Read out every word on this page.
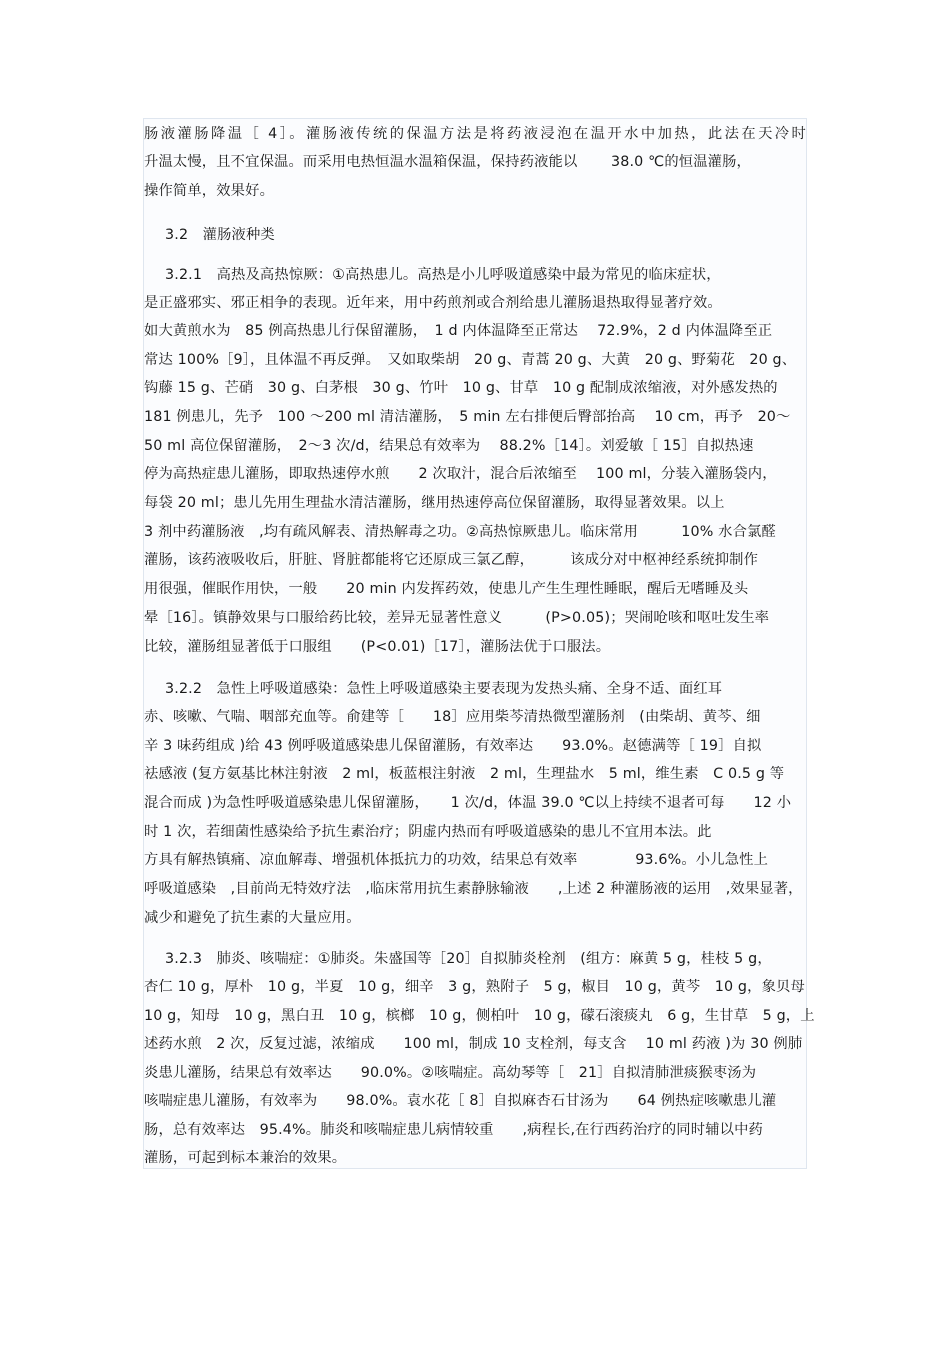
肠液灌肠降温［ 4］。灌肠液传统的保温方法是将药液浸泡在温开水中加热，此法在天冷时
升温太慢，且不宜保温。而采用电热恒温水温箱保温，保持药液能以　　 38.0 ℃的恒温灌肠，
操作简单，效果好。
3.2　灌肠液种类
3.2.1　高热及高热惊厥：①高热患儿。高热是小儿呼吸道感染中最为常见的临床症状，
是正盛邪实、邪正相争的表现。近年来，用中药煎剂或合剂给患儿灌肠退热取得显著疗效。
如大黄煎水为　85 例高热患儿行保留灌肠，　1 d 内体温降至正常达　 72.9%，2 d 内体温降至正
常达 100%［9］，且体温不再反弹。　又如取柴胡　20 g、青蒿 20 g、大黄　20 g、野菊花　20 g、
钩藤 15 g、芒硝　30 g、白茅根　30 g、竹叶　10 g、甘草　10 g 配制成浓缩液，对外感发热的
181 例患儿，先予　100 ～200 ml 清洁灌肠，　5 min 左右排便后臀部抬高　 10 cm，再予　20～
50 ml 高位保留灌肠，　2～3 次/d，结果总有效率为　 88.2%［14］。刘爱敏［ 15］自拟热速
停为高热症患儿灌肠，即取热速停水煎　　2 次取汁，混合后浓缩至　 100 ml，分装入灌肠袋内，
每袋 20 ml；患儿先用生理盐水清洁灌肠，继用热速停高位保留灌肠，取得显著效果。以上
3 剂中药灌肠液　,均有疏风解表、清热解毒之功。②高热惊厥患儿。临床常用　　　10% 水合氯醛
灌肠，该药液吸收后，肝脏、肾脏都能将它还原成三氯乙醇，　　　该成分对中枢神经系统抑制作
用很强，催眠作用快，一般　　20 min 内发挥药效，使患儿产生生理性睡眠，醒后无嗜睡及头
晕［16］。镇静效果与口服给药比较，差异无显著性意义　　　(P>0.05)；哭闹呛咳和呕吐发生率
比较，灌肠组显著低于口服组　　(P<0.01)［17］，灌肠法优于口服法。
3.2.2　急性上呼吸道感染：急性上呼吸道感染主要表现为发热头痛、全身不适、面红耳
赤、咳嗽、气喘、咽部充血等。俞建等［　　18］应用柴芩清热微型灌肠剂　(由柴胡、黄芩、细
辛 3 味药组成 )给 43 例呼吸道感染患儿保留灌肠，有效率达　　93.0%。赵德满等［ 19］自拟
祛感液 (复方氨基比林注射液　2 ml，板蓝根注射液　2 ml，生理盐水　5 ml，维生素　C 0.5 g 等
混合而成 )为急性呼吸道感染患儿保留灌肠，　　1 次/d，体温 39.0 ℃以上持续不退者可每　　12 小
时 1 次，若细菌性感染给予抗生素治疗；阴虚内热而有呼吸道感染的患儿不宜用本法。此
方具有解热镇痛、凉血解毒、增强机体抵抗力的功效，结果总有效率　　　　93.6%。小儿急性上
呼吸道感染　,目前尚无特效疗法　,临床常用抗生素静脉输液　　,上述 2 种灌肠液的运用　,效果显著，
减少和避免了抗生素的大量应用。
3.2.3　肺炎、咳喘症：①肺炎。朱盛国等［20］自拟肺炎栓剂　(组方：麻黄 5 g，桂枝 5 g，
杏仁 10 g，厚朴　10 g，半夏　10 g，细辛　3 g，熟附子　5 g，椒目　10 g，黄芩　10 g，象贝母
10 g，知母　10 g，黑白丑　10 g，槟榔　10 g，侧柏叶　10 g，礞石滚痰丸　6 g，生甘草　5 g，上
述药水煎　2 次，反复过滤，浓缩成　　100 ml，制成 10 支栓剂，每支含　 10 ml 药液 )为 30 例肺
炎患儿灌肠，结果总有效率达　　90.0%。②咳喘症。高幼琴等［　21］自拟清肺泄痰猴枣汤为
咳喘症患儿灌肠，有效率为　　98.0%。袁水花［ 8］自拟麻杏石甘汤为　　64 例热症咳嗽患儿灌
肠，总有效率达　95.4%。肺炎和咳喘症患儿病情较重　　,病程长,在行西药治疗的同时辅以中药
灌肠，可起到标本兼治的效果。
